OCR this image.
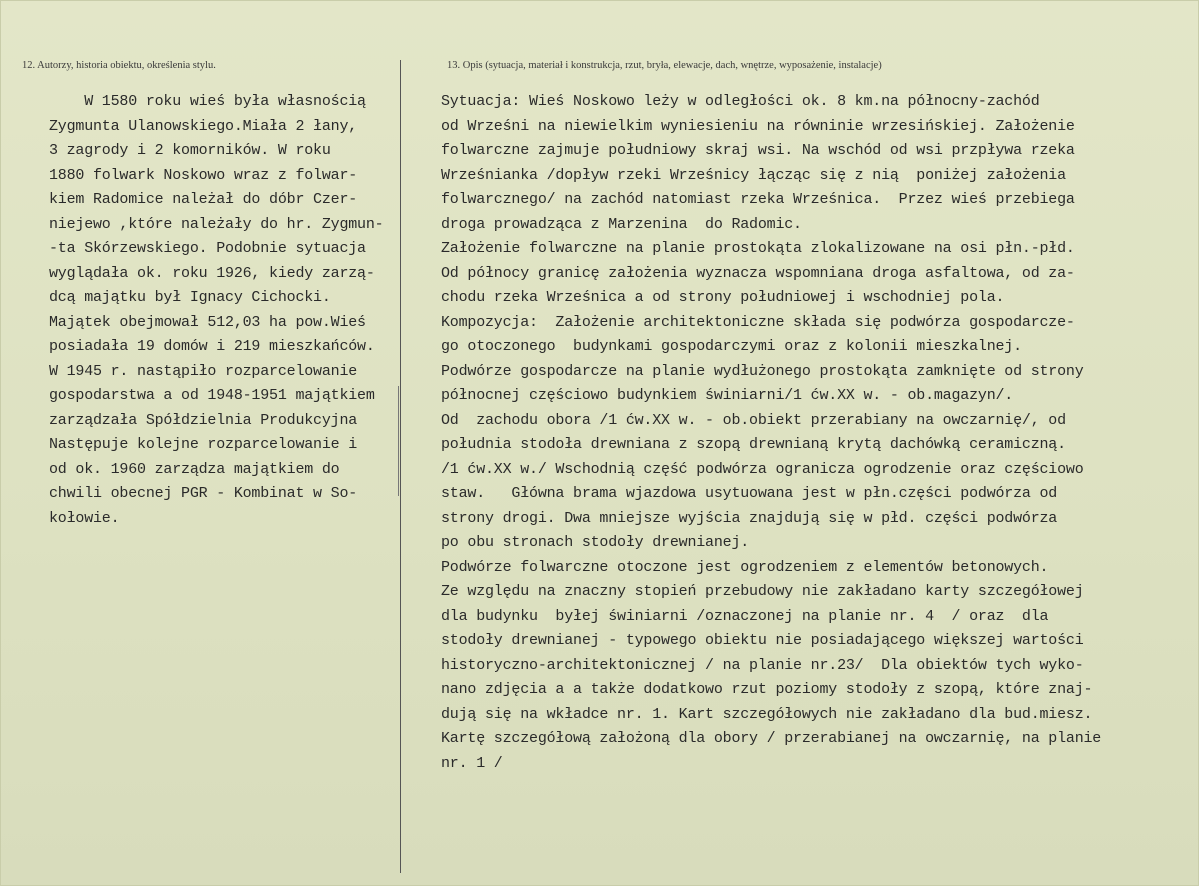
12. Autorzy, historia obiektu, określenia stylu.	13. Opis (sytuacja, materiał i konstrukcja, rzut, bryła, elewacje, dach, wnętrze, wyposażenie, instalacje)
W 1580 roku wieś była własnością
Zygmunta Ulanowskiego.Miała 2 łany,
3 zagrody i 2 komorników. W roku
1880 folwark Noskowo wraz z folwar-
kiem Radomice należał do dóbr Czer-
niejewo ,które należały do hr. Zygmun-
-ta Skórzewskiego. Podobnie sytuacja
wyglądała ok. roku 1926, kiedy zarzą-
dcą majątku był Ignacy Cichocki.
Majątek obejmował 512,03 ha pow.Wieś
posiadała 19 domów i 219 mieszkańców.
W 1945 r. nastąpiło rozparcelowanie
gospodarstwa a od 1948-1951 majątkiem
zarządzała Spółdzielnia Produkcyjna
Następuje kolejne rozparcelowanie i
od ok. 1960 zarządza majątkiem do
chwili obecnej PGR - Kombinat w So-
kołowie.
Sytuacja: Wieś Noskowo leży w odległości ok. 8 km.na północny-zachód
od Wrześni na niewielkim wyniesieniu na równinie wrzesińskiej. Założenie
folwarczne zajmuje południowy skraj wsi. Na wschód od wsi przpływa rzeka
Wrześnianka /dopływ rzeki Wrześnicy łącząc się z nią  poniżej założenia
folwarcznego/ na zachód natomiast rzeka Wrześnica.  Przez wieś przebiega
droga prowadząca z Marzenina  do Radomic.
Założenie folwarczne na planie prostokąta zlokalizowane na osi płn.-płd.
Od północy granicę założenia wyznacza wspomniana droga asfaltowa, od za-
chodu rzeka Wrześnica a od strony południowej i wschodniej pola.
Kompozycja:  Założenie architektoniczne składa się podwórza gospodarcze-
go otoczonego  budynkami gospodarczymi oraz z kolonii mieszkalnej.
Podwórze gospodarcze na planie wydłużonego prostokąta zamknięte od strony
północnej częściowo budynkiem świniarni/1 ćw.XX w. - ob.magazyn/.
Od  zachodu obora /1 ćw.XX w. - ob.obiekt przerabiany na owczarnię/, od
południa stodoła drewniana z szopą drewnianą krytą dachówką ceramiczną.
/1 ćw.XX w./ Wschodnią część podwórza ogranicza ogrodzenie oraz częściowo
staw.   Główna brama wjazdowa usytuowana jest w płn.części podwórza od
strony drogi. Dwa mniejsze wyjścia znajdują się w płd. części podwórza
po obu stronach stodoły drewnianej.
Podwórze folwarczne otoczone jest ogrodzeniem z elementów betonowych.
Ze względu na znaczny stopień przebudowy nie zakładano karty szczegółowej
dla budynku  byłej świniarni /oznaczonej na planie nr. 4  / oraz  dla
stodoły drewnianej - typowego obiektu nie posiadającego większej wartości
historyczno-architektonicznej / na planie nr.23/  Dla obiektów tych wyko-
nano zdjęcia a a także dodatkowo rzut poziomy stodoły z szopą, które znaj-
dują się na wkładce nr. 1. Kart szczegółowych nie zakładano dla bud.miesz.
Kartę szczegółową założoną dla obory / przerabianej na owczarnię, na planie
nr. 1 /
